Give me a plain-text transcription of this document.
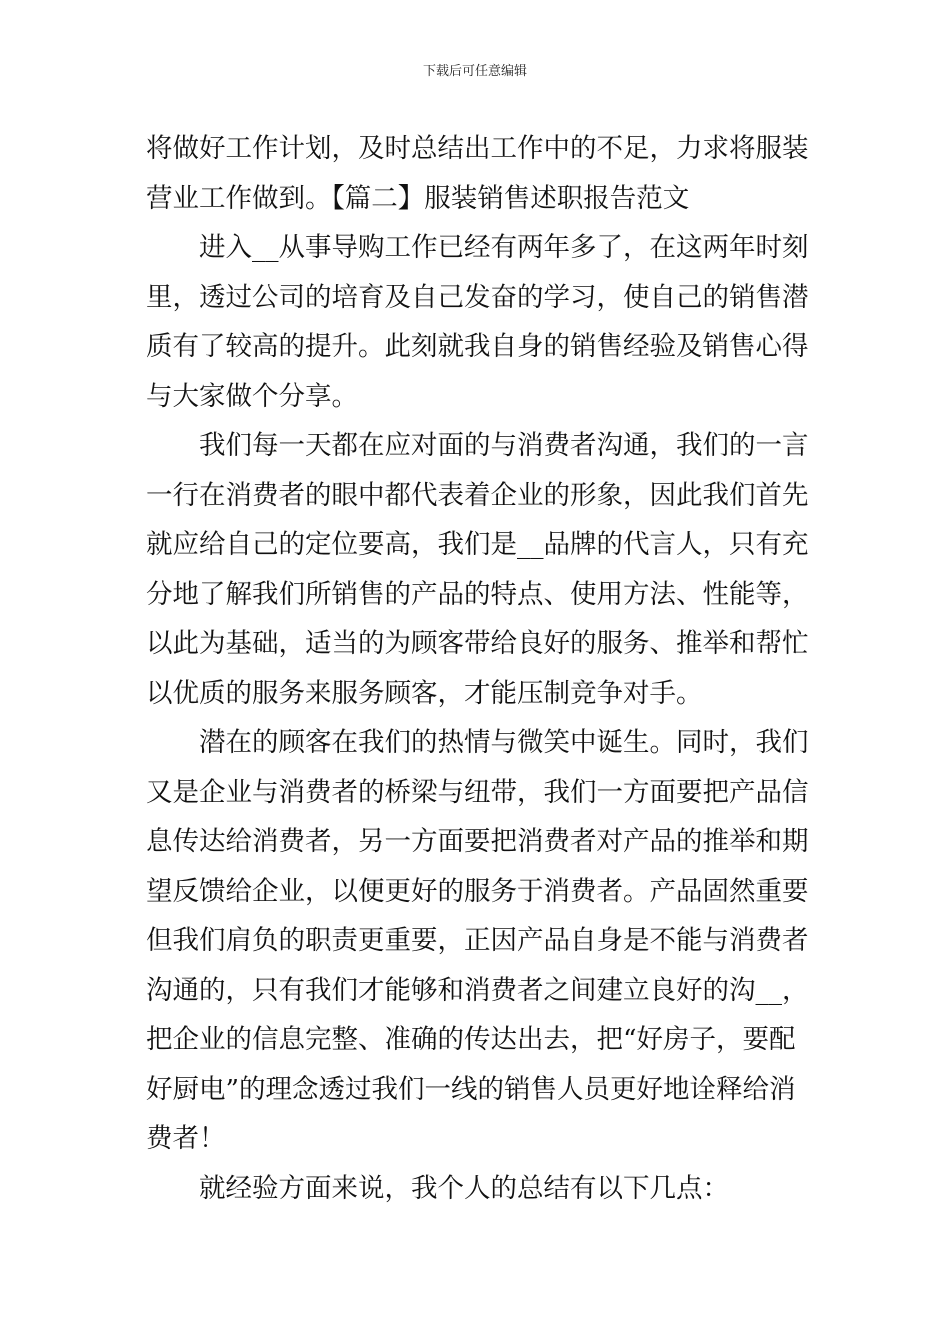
下载后可任意编辑

将做好工作计划，及时总结出工作中的不足，力求将服装
营业工作做到。【篇二】服装销售述职报告范文

进入__从事导购工作已经有两年多了，在这两年时刻
里，透过公司的培育及自己发奋的学习，使自己的销售潜
质有了较高的提升。此刻就我自身的销售经验及销售心得
与大家做个分享。

我们每一天都在应对面的与消费者沟通，我们的一言
一行在消费者的眼中都代表着企业的形象，因此我们首先
就应给自己的定位要高，我们是__品牌的代言人，只有充
分地了解我们所销售的产品的特点、使用方法、性能等，
以此为基础，适当的为顾客带给良好的服务、推举和帮忙
以优质的服务来服务顾客，才能压制竞争对手。

潜在的顾客在我们的热情与微笑中诞生。同时，我们
又是企业与消费者的桥梁与纽带，我们一方面要把产品信
息传达给消费者，另一方面要把消费者对产品的推举和期
望反馈给企业，以便更好的服务于消费者。产品固然重要
但我们肩负的职责更重要，正因产品自身是不能与消费者
沟通的，只有我们才能够和消费者之间建立良好的沟__，
把企业的信息完整、准确的传达出去，把“好房子，要配
好厨电”的理念透过我们一线的销售人员更好地诠释给消
费者！

就经验方面来说，我个人的总结有以下几点：
